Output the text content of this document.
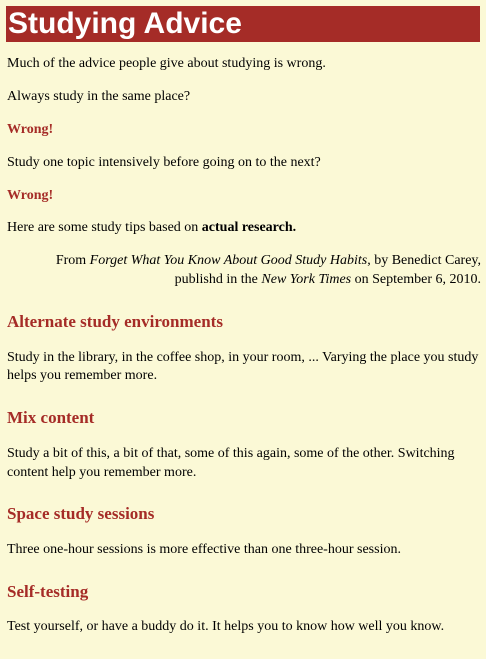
Studying Advice

Much of the advice people give about studying is wrong.

Always study in the same place?

Wrong!

Study one topic intensively before going on to the next?

Wrong!

Here are some study tips based on actual research.

From Forget What You Know About Good Study Habits, by Benedict Carey, publishd in the New York Times on September 6, 2010.

Alternate study environments

Study in the library, in the coffee shop, in your room, ... Varying the place you study helps you remember more.

Mix content

Study a bit of this, a bit of that, some of this again, some of the other. Switching content help you remember more.

Space study sessions

Three one-hour sessions is more effective than one three-hour session.

Self-testing

Test yourself, or have a buddy do it. It helps you to know how well you know.
